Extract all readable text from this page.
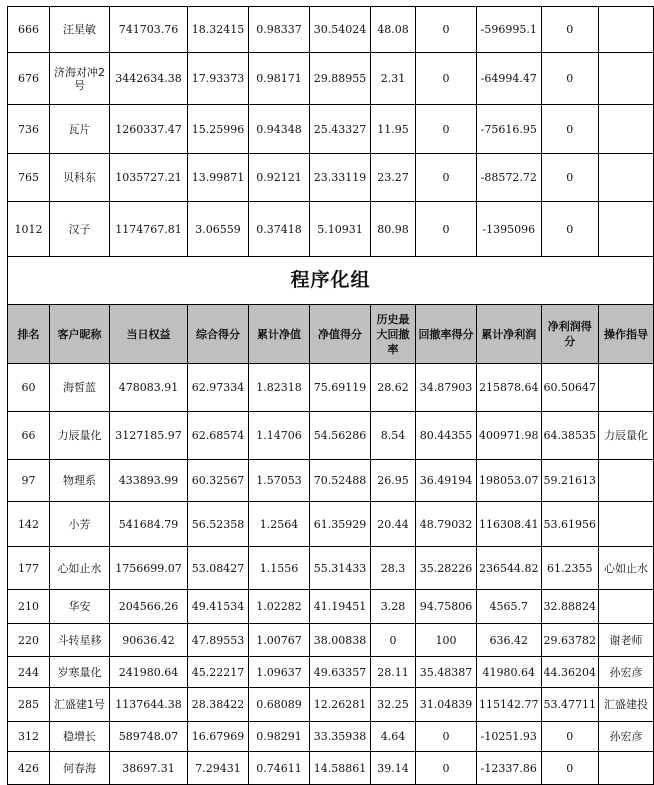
666	汪星敏	741703.76	18.32415	0.98337	30.54024	48.08	0	-596995.1	0	
676	济海对冲2号	3442634.38	17.93373	0.98171	29.88955	2.31	0	-64994.47	0	
736	瓦片	1260337.47	15.25996	0.94348	25.43327	11.95	0	-75616.95	0	
765	贝科东	1035727.21	13.99871	0.92121	23.33119	23.27	0	-88572.72	0	
1012	汉子	1174767.81	3.06559	0.37418	5.10931	80.98	0	-1395096	0	
程序化组										
排名	客户昵称	当日权益	综合得分	累计净值	净值得分	历史最大回撤率	回撤率得分	累计净利润	净利润得分	操作指导
60	海皙蓝	478083.91	62.97334	1.82318	75.69119	28.62	34.87903	215878.64	60.50647	
66	力辰量化	3127185.97	62.68574	1.14706	54.56286	8.54	80.44355	400971.98	64.38535	力辰量化
97	物理系	433893.99	60.32567	1.57053	70.52488	26.95	36.49194	198053.07	59.21613	
142	小芳	541684.79	56.52358	1.2564	61.35929	20.44	48.79032	116308.41	53.61956	
177	心如止水	1756699.07	53.08427	1.1556	55.31433	28.3	35.28226	236544.82	61.2355	心如止水
210	华安	204566.26	49.41534	1.02282	41.19451	3.28	94.75806	4565.7	32.88824	
220	斗转星移	90636.42	47.89553	1.00767	38.00838	0	100	636.42	29.63782	谢老师
244	岁寒量化	241980.64	45.22217	1.09637	49.63357	28.11	35.48387	41980.64	44.36204	孙宏彦
285	汇盛建1号	1137644.38	28.38422	0.68089	12.26281	32.25	31.04839	115142.77	53.47711	汇盛建投
312	稳增长	589748.07	16.67969	0.98291	33.35938	4.64	0	-10251.93	0	孙宏彦
426	何春海	38697.31	7.29431	0.74611	14.58861	39.14	0	-12337.86	0	
